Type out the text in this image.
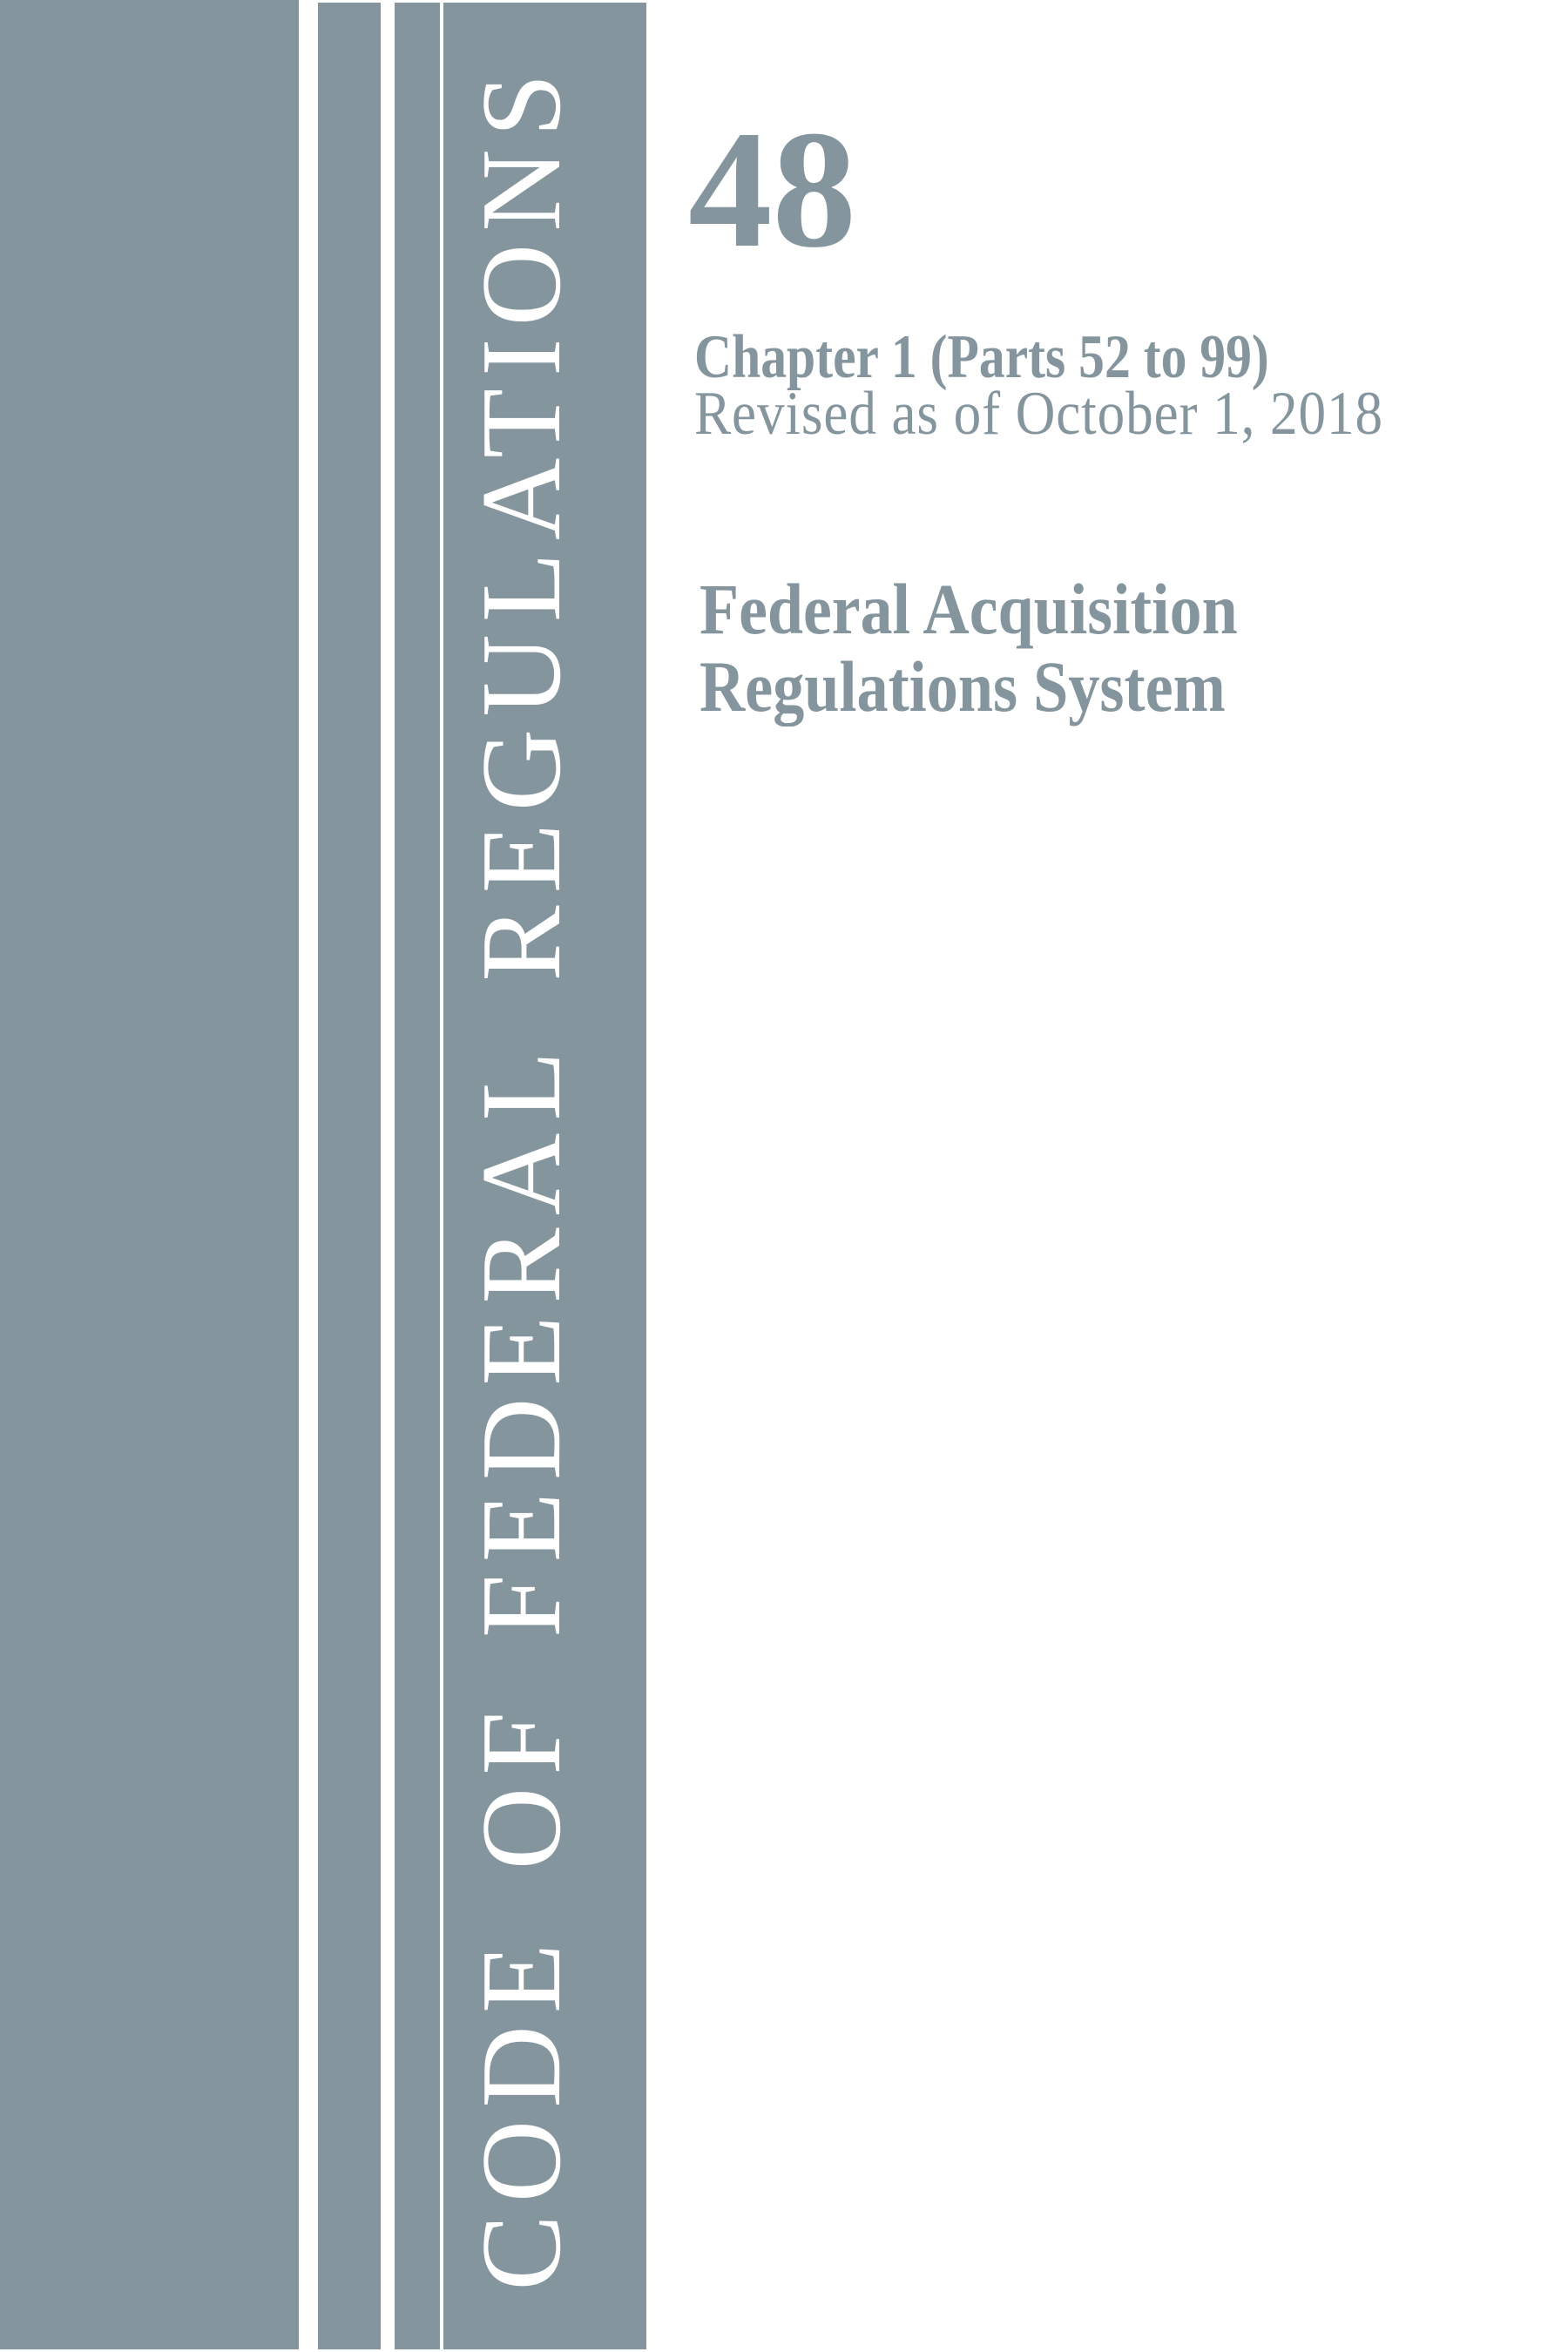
CODE OF FEDERAL REGULATIONS 48
Chapter 1 (Parts 52 to 99)
Revised as of October 1, 2018
Federal Acquisition
Regulations System
